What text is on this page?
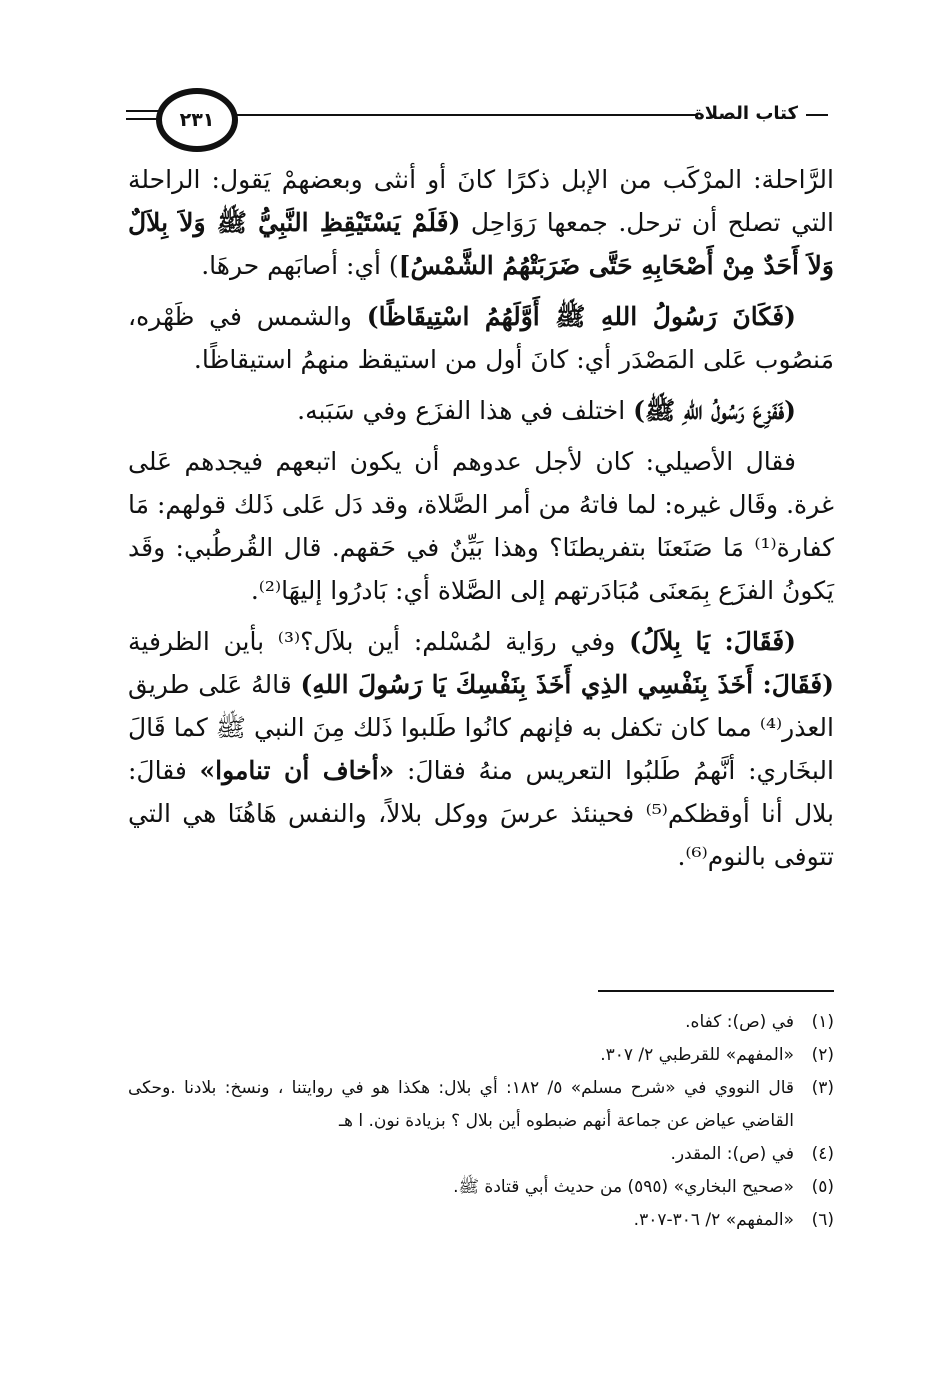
كتاب الصلاة
٢٣١

الرَّاحلة: المرْكَب من الإبل ذكرًا كانَ أو أنثى وبعضهمْ يَقول: الراحلة التي تصلح أن ترحل. جمعها رَوَاحِل (فَلَمْ يَسْتَيْقِظِ النَّبِيُّ ﷺ وَلاَ بِلاَلٌ وَلاَ أَحَدٌ مِنْ أَصْحَابِهِ حَتَّى ضَرَبَتْهُمُ الشَّمْسُ]) أي: أصابَهم حرهَا.

(فَكَانَ رَسُولُ اللهِ ﷺ أَوَّلَهُمُ اسْتِيقَاظًا) والشمس في ظَهْره، مَنصُوب عَلى المَصْدَر أي: كانَ أول من استيقظ منهمُ استيقاظًا.

(فَفَزِعَ رَسُولُ اللهِ ﷺ) اختلف في هذا الفزَع وفي سَبَبه.

فقال الأصيلي: كان لأجل عدوهم أن يكون اتبعهم فيجدهم عَلى غرة. وقَال غيره: لما فاتهُ من أمر الصَّلاة، وقد دَل عَلى ذَلك قولهم: مَا كفارة⁽¹⁾ مَا صَنَعنَا بتفريطنَا؟ وهذا بَيِّنٌ في حَقهم. قال القُرطُبي: وقَد يَكونُ الفزَع بِمَعنَى مُبَادَرتهم إلى الصَّلاة أي: بَادرُوا إليهَا⁽²⁾.

(فَقَالَ: يَا بِلاَلُ) وفي روَاية لمُسْلم: أين بلاَل؟⁽³⁾ بأين الظرفية (فَقَالَ: أَخَذَ بِنَفْسِي الذِي أَخَذَ بِنَفْسِكَ يَا رَسُولَ اللهِ) قالهُ عَلى طريق العذر⁽⁴⁾ مما كان تكفل به فإنهم كانُوا طَلبوا ذَلك مِنَ النبي ﷺ كما قَالَ البخَاري: أنَّهمُ طَلبُوا التعريس منهُ فقالَ: «أخاف أن تناموا» فقالَ: بلال أنا أوقظكم⁽⁵⁾ فحينئذ عرسَ ووكل بلالاً، والنفس هَاهُنَا هي التي تتوفى بالنوم⁽⁶⁾.

(١)
في (ص): كفاه.
(٢)
«المفهم» للقرطبي ٢/ ٣٠٧.
(٣)
قال النووي في «شرح مسلم» ٥/ ١٨٢: أي بلال: هكذا هو في روايتنا ، ونسخ: بلادنا .وحكى القاضي عياض عن جماعة أنهم ضبطوه أين بلال ؟ بزيادة نون. ا هـ
(٤)
في (ص): المقدر.
(٥)
«صحيح البخاري» (٥٩٥) من حديث أبي قتادة ﷺ.
(٦)
«المفهم» ٢/ ٣٠٦-٣٠٧.
